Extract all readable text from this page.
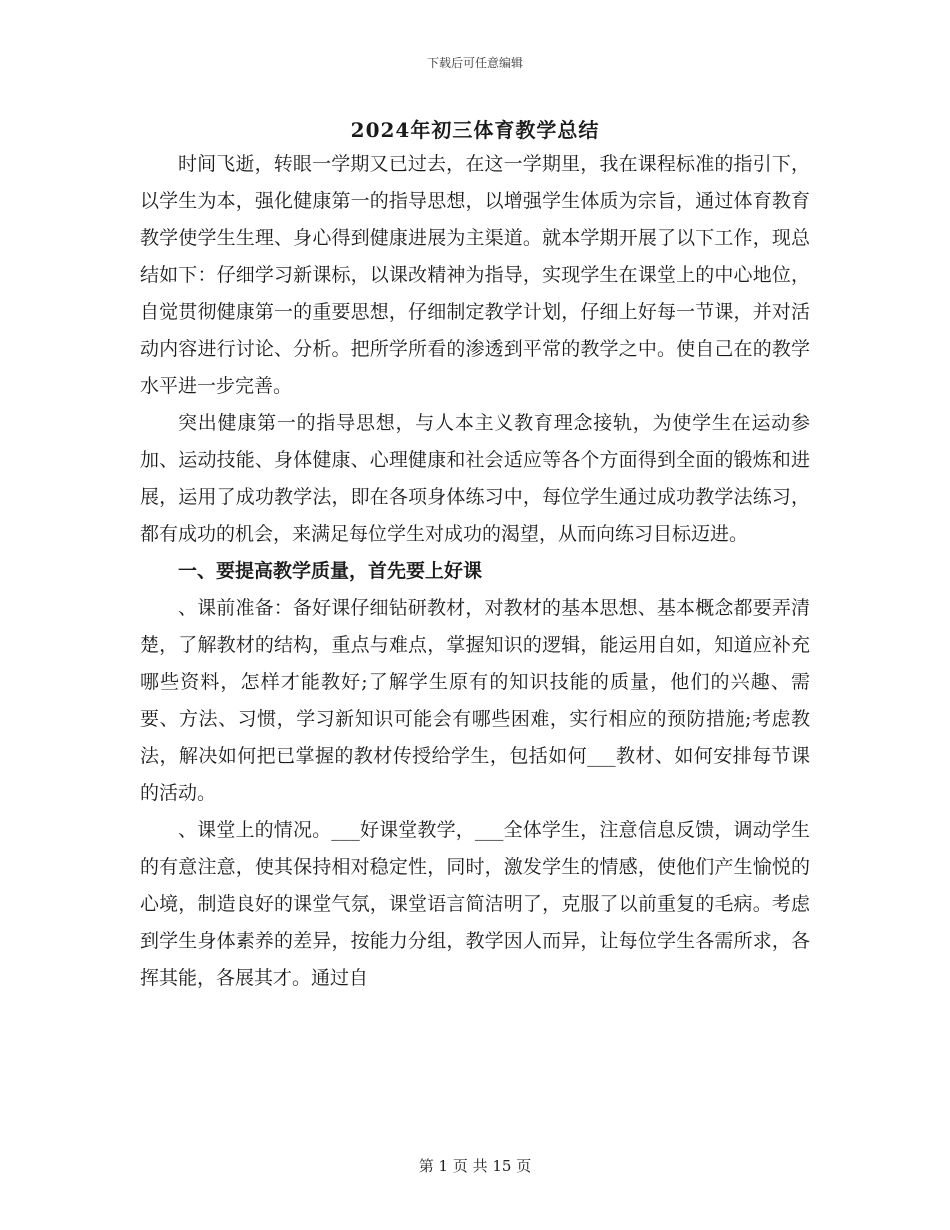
下载后可任意编辑
2024年初三体育教学总结

时间飞逝，转眼一学期又已过去，在这一学期里，我在课程标准的指引下，以学生为本，强化健康第一的指导思想，以增强学生体质为宗旨，通过体育教育教学使学生生理、身心得到健康进展为主渠道。就本学期开展了以下工作，现总结如下：仔细学习新课标，以课改精神为指导，实现学生在课堂上的中心地位，自觉贯彻健康第一的重要思想，仔细制定教学计划，仔细上好每一节课，并对活动内容进行讨论、分析。把所学所看的渗透到平常的教学之中。使自己在的教学水平进一步完善。

突出健康第一的指导思想，与人本主义教育理念接轨，为使学生在运动参加、运动技能、身体健康、心理健康和社会适应等各个方面得到全面的锻炼和进展，运用了成功教学法，即在各项身体练习中，每位学生通过成功教学法练习，都有成功的机会，来满足每位学生对成功的渴望，从而向练习目标迈进。

一、要提高教学质量，首先要上好课

、课前准备：备好课仔细钻研教材，对教材的基本思想、基本概念都要弄清楚，了解教材的结构，重点与难点，掌握知识的逻辑，能运用自如，知道应补充哪些资料，怎样才能教好;了解学生原有的知识技能的质量，他们的兴趣、需要、方法、习惯，学习新知识可能会有哪些困难，实行相应的预防措施;考虑教法，解决如何把已掌握的教材传授给学生，包括如何___教材、如何安排每节课的活动。

、课堂上的情况。___好课堂教学，___全体学生，注意信息反馈，调动学生的有意注意，使其保持相对稳定性，同时，激发学生的情感，使他们产生愉悦的心境，制造良好的课堂气氛，课堂语言简洁明了，克服了以前重复的毛病。考虑到学生身体素养的差异，按能力分组，教学因人而异，让每位学生各需所求，各挥其能，各展其才。通过自

第 1 页 共 15 页
